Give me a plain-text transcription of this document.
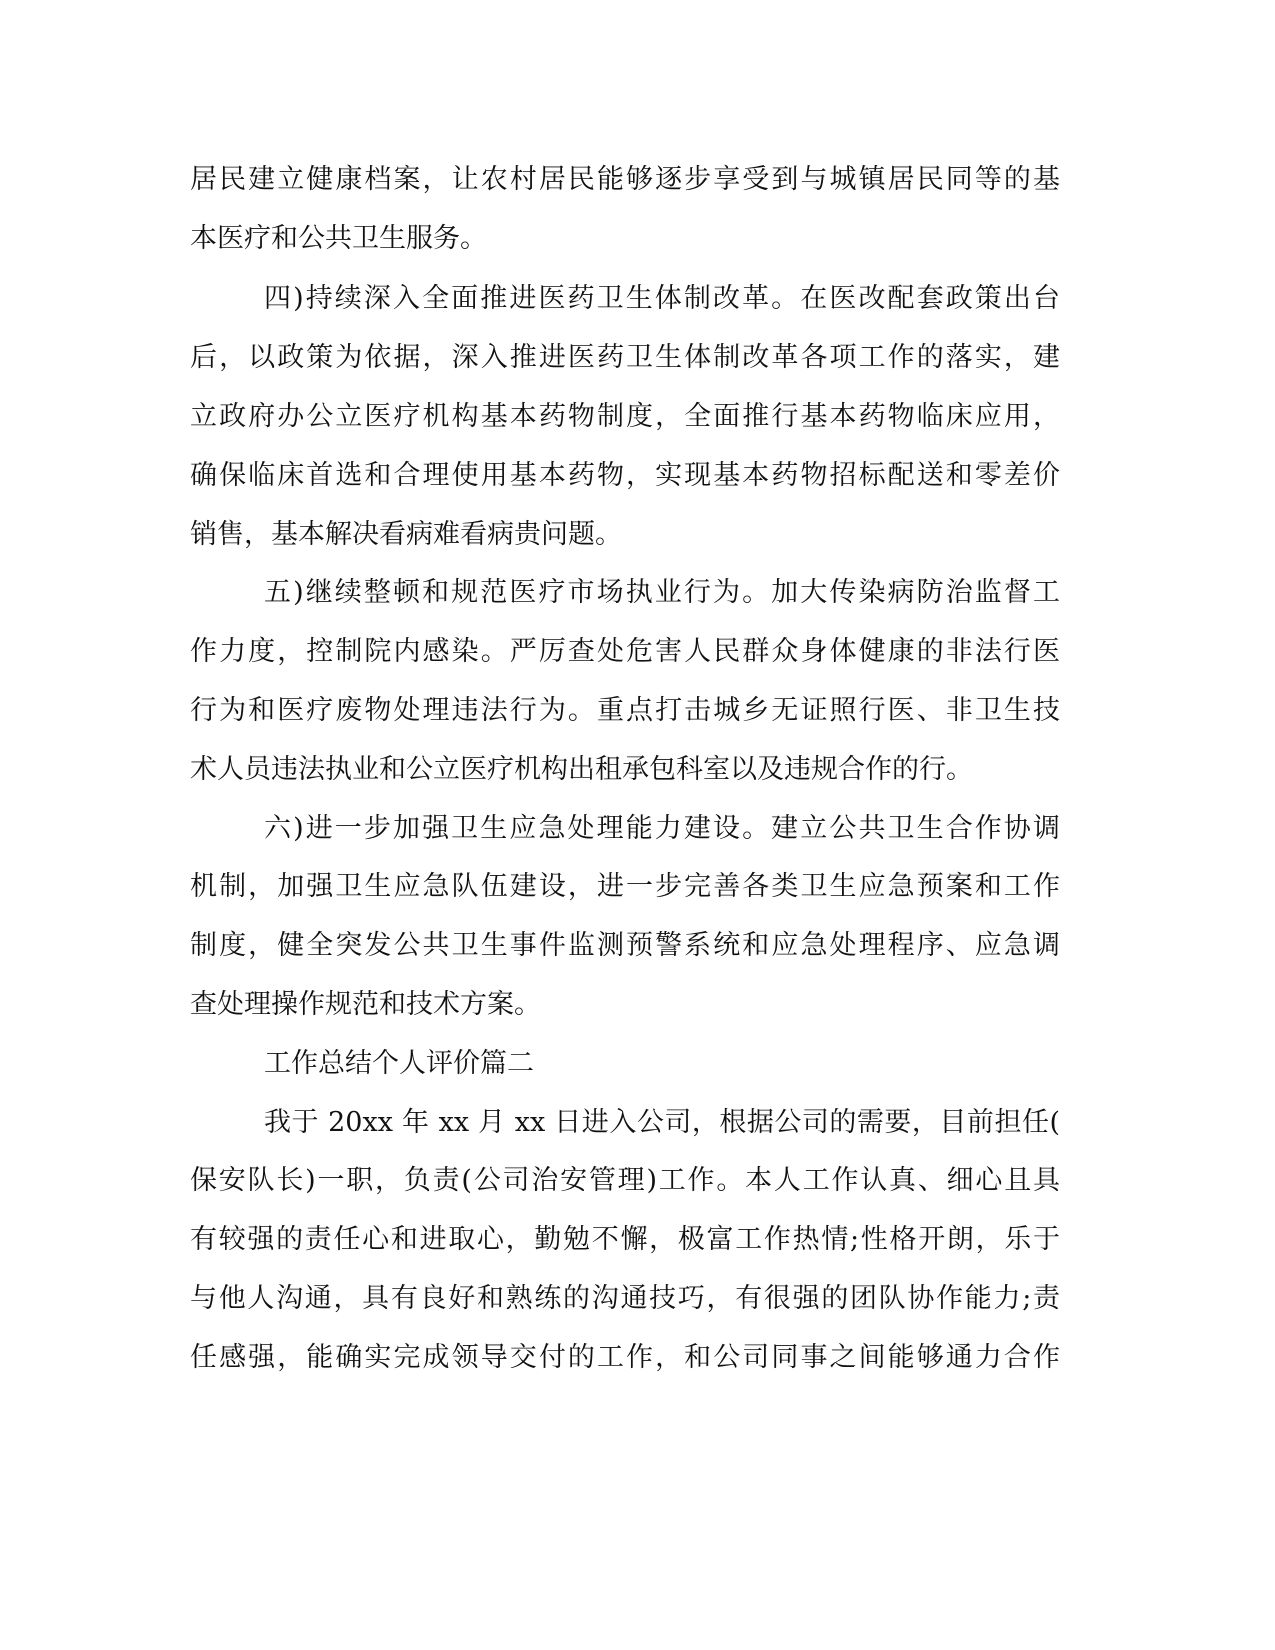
居民建立健康档案，让农村居民能够逐步享受到与城镇居民同等的基
本医疗和公共卫生服务。
四)持续深入全面推进医药卫生体制改革。在医改配套政策出台
后，以政策为依据，深入推进医药卫生体制改革各项工作的落实，建
立政府办公立医疗机构基本药物制度，全面推行基本药物临床应用，
确保临床首选和合理使用基本药物，实现基本药物招标配送和零差价
销售，基本解决看病难看病贵问题。
五)继续整顿和规范医疗市场执业行为。加大传染病防治监督工
作力度，控制院内感染。严厉查处危害人民群众身体健康的非法行医
行为和医疗废物处理违法行为。重点打击城乡无证照行医、非卫生技
术人员违法执业和公立医疗机构出租承包科室以及违规合作的行。
六)进一步加强卫生应急处理能力建设。建立公共卫生合作协调
机制，加强卫生应急队伍建设，进一步完善各类卫生应急预案和工作
制度，健全突发公共卫生事件监测预警系统和应急处理程序、应急调
查处理操作规范和技术方案。
工作总结个人评价篇二
我于 20xx 年 xx 月 xx 日进入公司，根据公司的需要，目前担任(
保安队长)一职，负责(公司治安管理)工作。本人工作认真、细心且具
有较强的责任心和进取心，勤勉不懈，极富工作热情;性格开朗，乐于
与他人沟通，具有良好和熟练的沟通技巧，有很强的团队协作能力;责
任感强，能确实完成领导交付的工作，和公司同事之间能够通力合作
